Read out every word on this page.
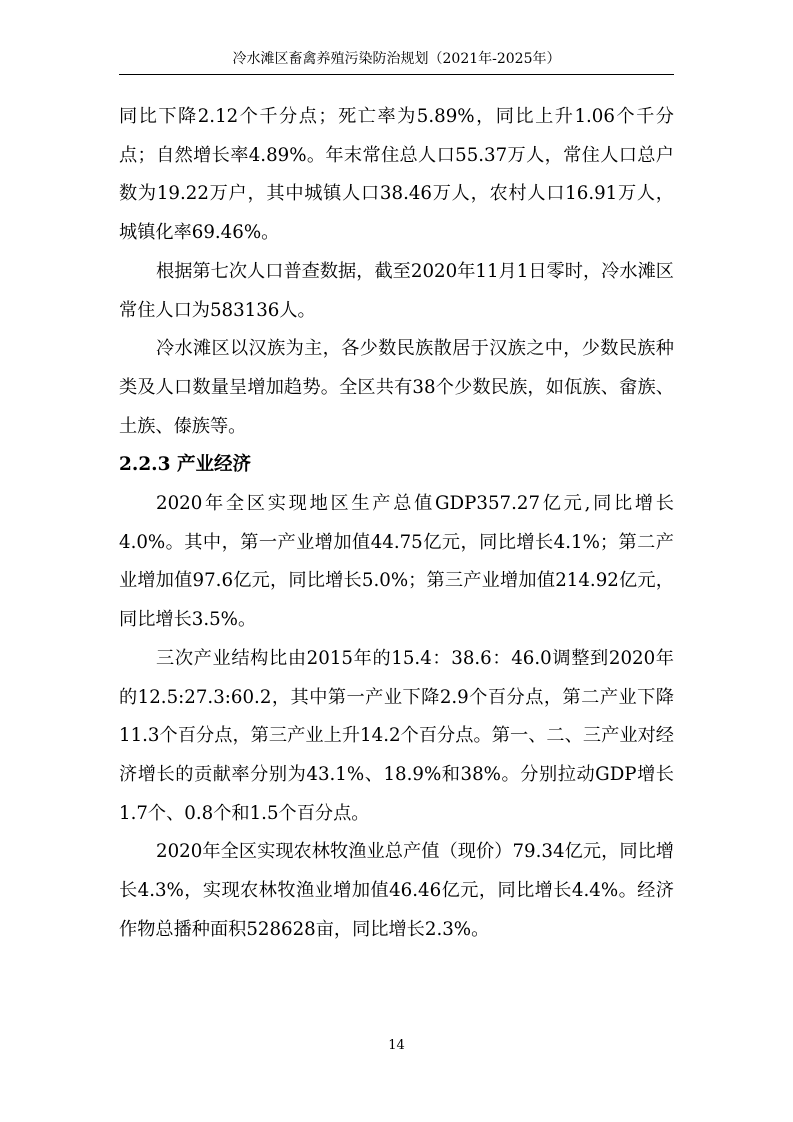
冷水滩区畜禽养殖污染防治规划（2021年-2025年）

同比下降2.12个千分点；死亡率为5.89%，同比上升1.06个千分点；自然增长率4.89%。年末常住总人口55.37万人，常住人口总户数为19.22万户，其中城镇人口38.46万人，农村人口16.91万人，城镇化率69.46%。

根据第七次人口普查数据，截至2020年11月1日零时，冷水滩区常住人口为583136人。

冷水滩区以汉族为主，各少数民族散居于汉族之中，少数民族种类及人口数量呈增加趋势。全区共有38个少数民族，如佤族、畲族、土族、傣族等。

2.2.3 产业经济

2020年全区实现地区生产总值GDP357.27亿元,同比增长4.0%。其中，第一产业增加值44.75亿元，同比增长4.1%；第二产业增加值97.6亿元，同比增长5.0%；第三产业增加值214.92亿元，同比增长3.5%。

三次产业结构比由2015年的15.4：38.6：46.0调整到2020年的12.5:27.3:60.2，其中第一产业下降2.9个百分点，第二产业下降11.3个百分点，第三产业上升14.2个百分点。第一、二、三产业对经济增长的贡献率分别为43.1%、18.9%和38%。分别拉动GDP增长1.7个、0.8个和1.5个百分点。

2020年全区实现农林牧渔业总产值（现价）79.34亿元，同比增长4.3%，实现农林牧渔业增加值46.46亿元，同比增长4.4%。经济作物总播种面积528628亩，同比增长2.3%。

14
